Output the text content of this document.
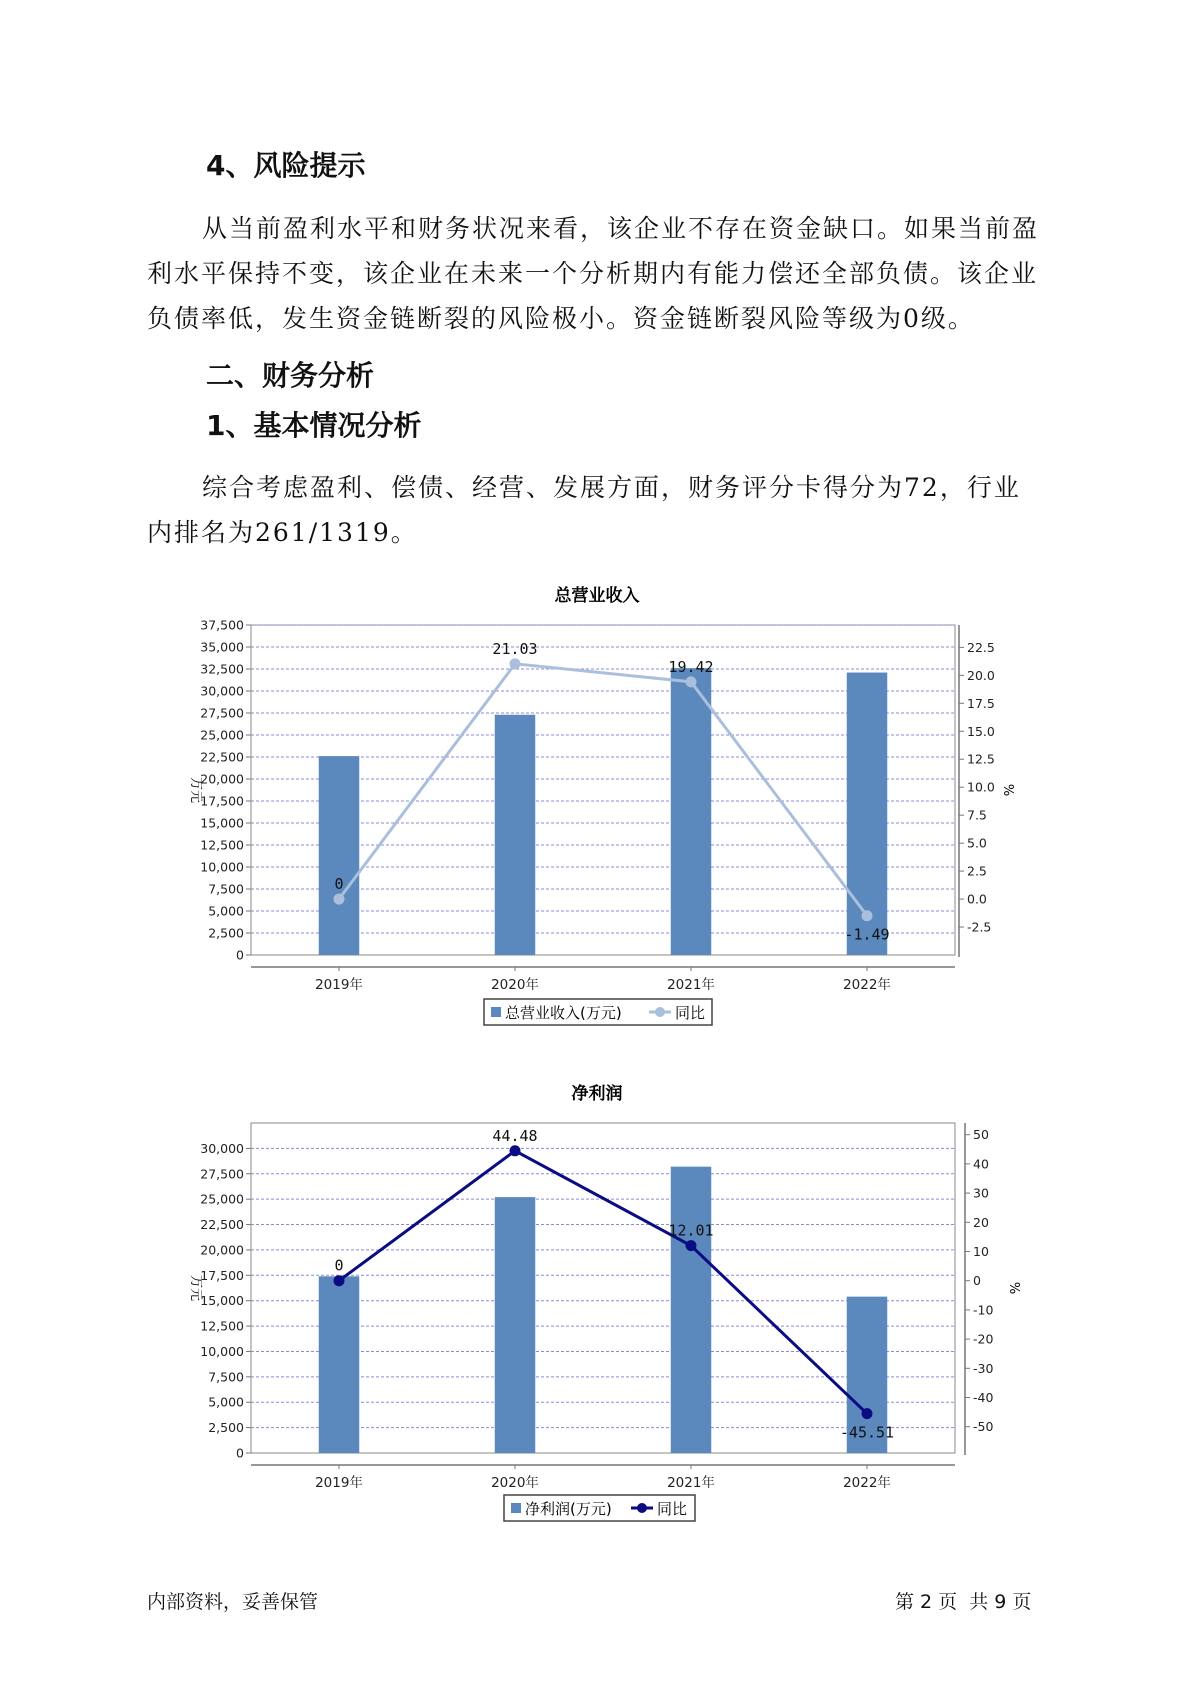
4、风险提示

从当前盈利水平和财务状况来看，该企业不存在资金缺口。如果当前盈利水平保持不变，该企业在未来一个分析期内有能力偿还全部负债。该企业负债率低，发生资金链断裂的风险极小。资金链断裂风险等级为0级。

二、财务分析
1、基本情况分析

综合考虑盈利、偿债、经营、发展方面，财务评分卡得分为72，行业内排名为261/1319。

总营业收入
0
2,500
5,000
7,500
10,000
12,500
15,000
17,500
20,000
22,500
25,000
27,500
30,000
32,500
35,000
37,500
-2.5
0.0
2.5
5.0
7.5
10.0
12.5
15.0
17.5
20.0
22.5
2019年	2020年	2021年	2022年
0
21.03
19.42
-1.49
万元	%
总营业收入(万元)	同比
净利润
0
2,500
5,000
7,500
10,000
12,500
15,000
17,500
20,000
22,500
25,000
27,500
30,000
-50
-40
-30
-20
-10
0
10
20
30
40
50
2019年	2020年	2021年	2022年
0
44.48
12.01
-45.51
万元	%
净利润(万元)	同比
内部资料，妥善保管	第 2 页  共 9 页
